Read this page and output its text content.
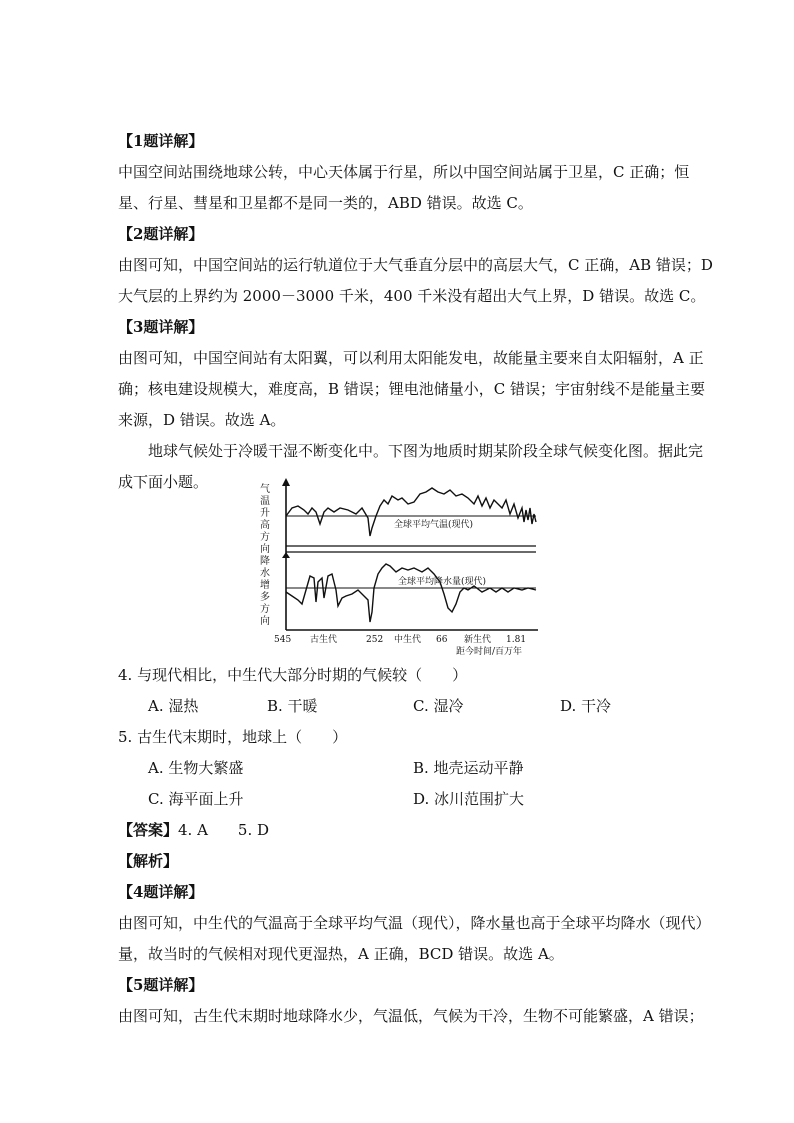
【1题详解】
中国空间站围绕地球公转，中心天体属于行星，所以中国空间站属于卫星，C 正确；恒
星、行星、彗星和卫星都不是同一类的，ABD 错误。故选 C。
【2题详解】
由图可知，中国空间站的运行轨道位于大气垂直分层中的高层大气，C 正确，AB 错误；D
大气层的上界约为 2000－3000 千米，400 千米没有超出大气上界，D 错误。故选 C。
【3题详解】
由图可知，中国空间站有太阳翼，可以利用太阳能发电，故能量主要来自太阳辐射，A 正
确；核电建设规模大，难度高，B 错误；锂电池储量小，C 错误；宇宙射线不是能量主要
来源，D 错误。故选 A。
地球气候处于冷暖干湿不断变化中。下图为地质时期某阶段全球气候变化图。据此完
成下面小题。	气
温
升
高
方
向
降
水
增
多
方
向
全球平均气温(现代)
全球平均降水量(现代)
545 古生代	252 中生代 66 新生代 1.81
距今时间/百万年
4. 与现代相比，中生代大部分时期的气候较（　　）
A. 湿热	B. 干暖	C. 湿冷	D. 干冷
5. 古生代末期时，地球上（　　）
A. 生物大繁盛	B. 地壳运动平静
C. 海平面上升	D. 冰川范围扩大
【答案】4. A　　5. D
【解析】
【4题详解】
由图可知，中生代的气温高于全球平均气温（现代），降水量也高于全球平均降水（现代）
量，故当时的气候相对现代更湿热，A 正确，BCD 错误。故选 A。
【5题详解】
由图可知，古生代末期时地球降水少，气温低，气候为干冷，生物不可能繁盛，A 错误；
